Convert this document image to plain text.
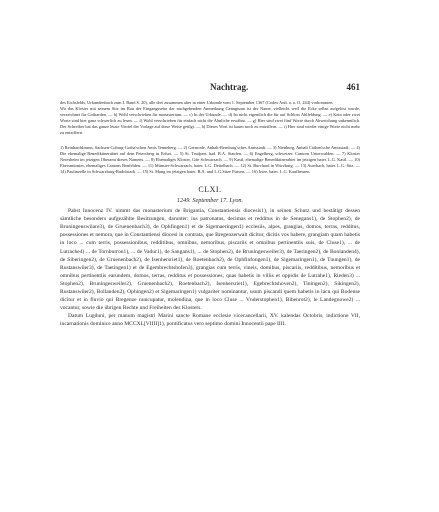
Nachtrag.	461

des Eichsfelds, Urkundenbuch zum I. Band S. 20), alle drei zusammen aber in einer Urkunde vom 1. September 1367 (Codex Anh. a. a. O. 244) vorkommen.

Wo das Kloster mit seinem Sitz im Bau der Eingangsseite der nachgebenden Anmerkung Genugtuun ist der Name, vielleicht weil die Ecke selbst aufgelöst wurde, verzeichnet für Gotharden. — b) Wohl verschrieben für monasterium. — c) In der Urkunde. — d) Ist nicht eigentlich die für auf Schloss Ahlfeldung. — e) Kein oder zwei Worte sind hier ganz schwerlich zu lesen. — f) Wohl verschrieben für einfach nicht die Ähnliche erwähnt. — g) Hier sind zwei fünf Worte durch Abweichung unkenntlich. Der Schreiber hat das ganze letzte Viertel der Vorlage auf diese Weise getilgt. — h) Dieses Wort ist kaum noch zu entziffern. — i) Hier sind wieder einige Worte nicht mehr zu entziffern.

1) Reinhardsbrunn, Sachsen-Coburg-Gotha'schen Amts Tenneberg. — 2) Gernrode, Anhalt-Bernburg'sches Amtsstadt. — 3) Nienburg, Anhalt Cöthen'sche Amtsstadt. — 4) Die ehemalige Benediktinerabtei auf dem Petersberg in Erfurt. — 5) St. Trudpert, bad. B.A. Staufen. — 6) Engelberg, schweizer. Cantons Unterwalden. — 7) Kloster Neresheim im jetzigen Oberamt dieses Namens. — 8) Ehemaliges Kloster, Gde Schwarzach. — 9) Kastl, ehemalige Benediktinerabtei im jetzigen baier. L.G. Kastl. — 10) Ebersmünster, ehemaliges Cantons Benfelden. — 11) Münster-Schwarzach, baier. L.G. Dettelbach. — 12) St. Burchard in Würzburg. — 13) Auerbach, baier. L.G.-Sitz. — 14) Paulinzelle in Schwarzburg-Rudolstadt. — 15) St. Mang im jetzigen baier. B.A. und L.G.Sitze Füssen. — 16) Irsee, baier. L.G. Kaufbeuren.

CLXI.
1249. September 17. Lyon.

Pabst Innocenz IV. nimmt das monasterium de Brigantia, Constantiensis diocesis1), in seinen Schutz und bestätigt dessen sämtliche besonders aufgezählte Besitzungen, darunter: ius patronatus, decimas et redditus in de Senegans1), de Stophen2), de Bruningenswilare3), de Gruenenbach3), de Ophfingen1) et de Sigemaeringen1) ecclesiis, alpes, grangias, domos, terras, redditus, possessiones et nemora, que in Constantiensi diocesi in contrata, que Bregenzerwalt dicitur, dicitis vos habere, grangiam quam habetis in loco ... cum terris, possessionibus, redditibus, omnibus, nemoribus, piscariis et omnibus pertinentiis suis, de Cluse1), ... de Lutrache4) ... de Tornburron1), ... de Vadur1), de Sangans1), ... de Stophen2), de Bruningesweiler3), de Taeringen2), de Bonlanden4), de Siberingen2), de Gruenenbach2), de Isenhersriet1), de Roetenbach2), de Ophfinfongen1), de Sigemaringen1), de Tuungen1), de Rustanswiler3), de Taetingen1) et de Egembrechtshofen3), grangias cum terris, vineis, domibus, piscariis, redditibus, nemoribus et omnibus pertinentiis earundem, domos, terras, redditus et possessiones, quas habetis in villis et oppidis de Lutrahe1), Rieden3) ... Stophen2), Bruningesweiler2), Gruenenbach2), Roetenbach2), Isenhersriet1), Egebrechtshoven2), Tiningen2), Sikingen2), Rustanswiler2), Bollanden2), Ophingen2) et Sigemaringen1) vulgariter nominantur, usum piscandi quem habetis in lacu qui Bodense dicitur et in fluvio qui Bregenze nuncupatur, molendina, que in loco Cluse ... Vnderstophen1), Bibenrot2), le Landegnowe2) ... vocantur, sowie die übrigen Rechte und Freiheiten des Klosters.

Datum Lugduni, per manum magistri Marini sancte Romane ecclesie vicecancellarii, XV. kalendas Octobris, indictione VII, incarnationis dominice anno MCCXL[VIIII]1), pontificatus vero septimo domini Innocentii pape IIII.
